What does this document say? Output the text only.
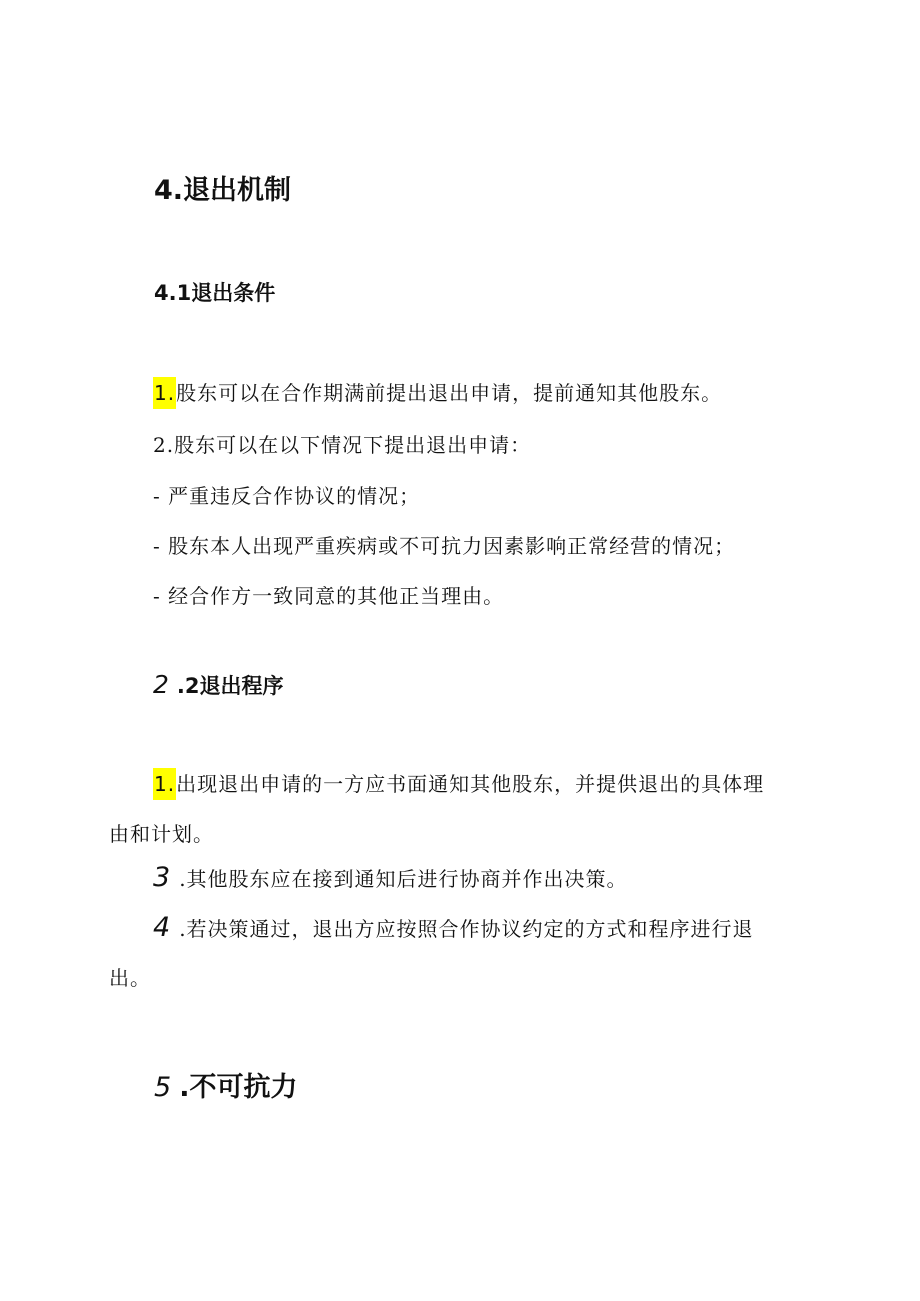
4.退出机制
4.1退出条件
1.股东可以在合作期满前提出退出申请，提前通知其他股东。
2.股东可以在以下情况下提出退出申请：
- 严重违反合作协议的情况；
- 股东本人出现严重疾病或不可抗力因素影响正常经营的情况；
- 经合作方一致同意的其他正当理由。
2 .2退出程序
1.出现退出申请的一方应书面通知其他股东，并提供退出的具体理
由和计划。
3 .其他股东应在接到通知后进行协商并作出决策。
4 .若决策通过，退出方应按照合作协议约定的方式和程序进行退
出。
5 .不可抗力
